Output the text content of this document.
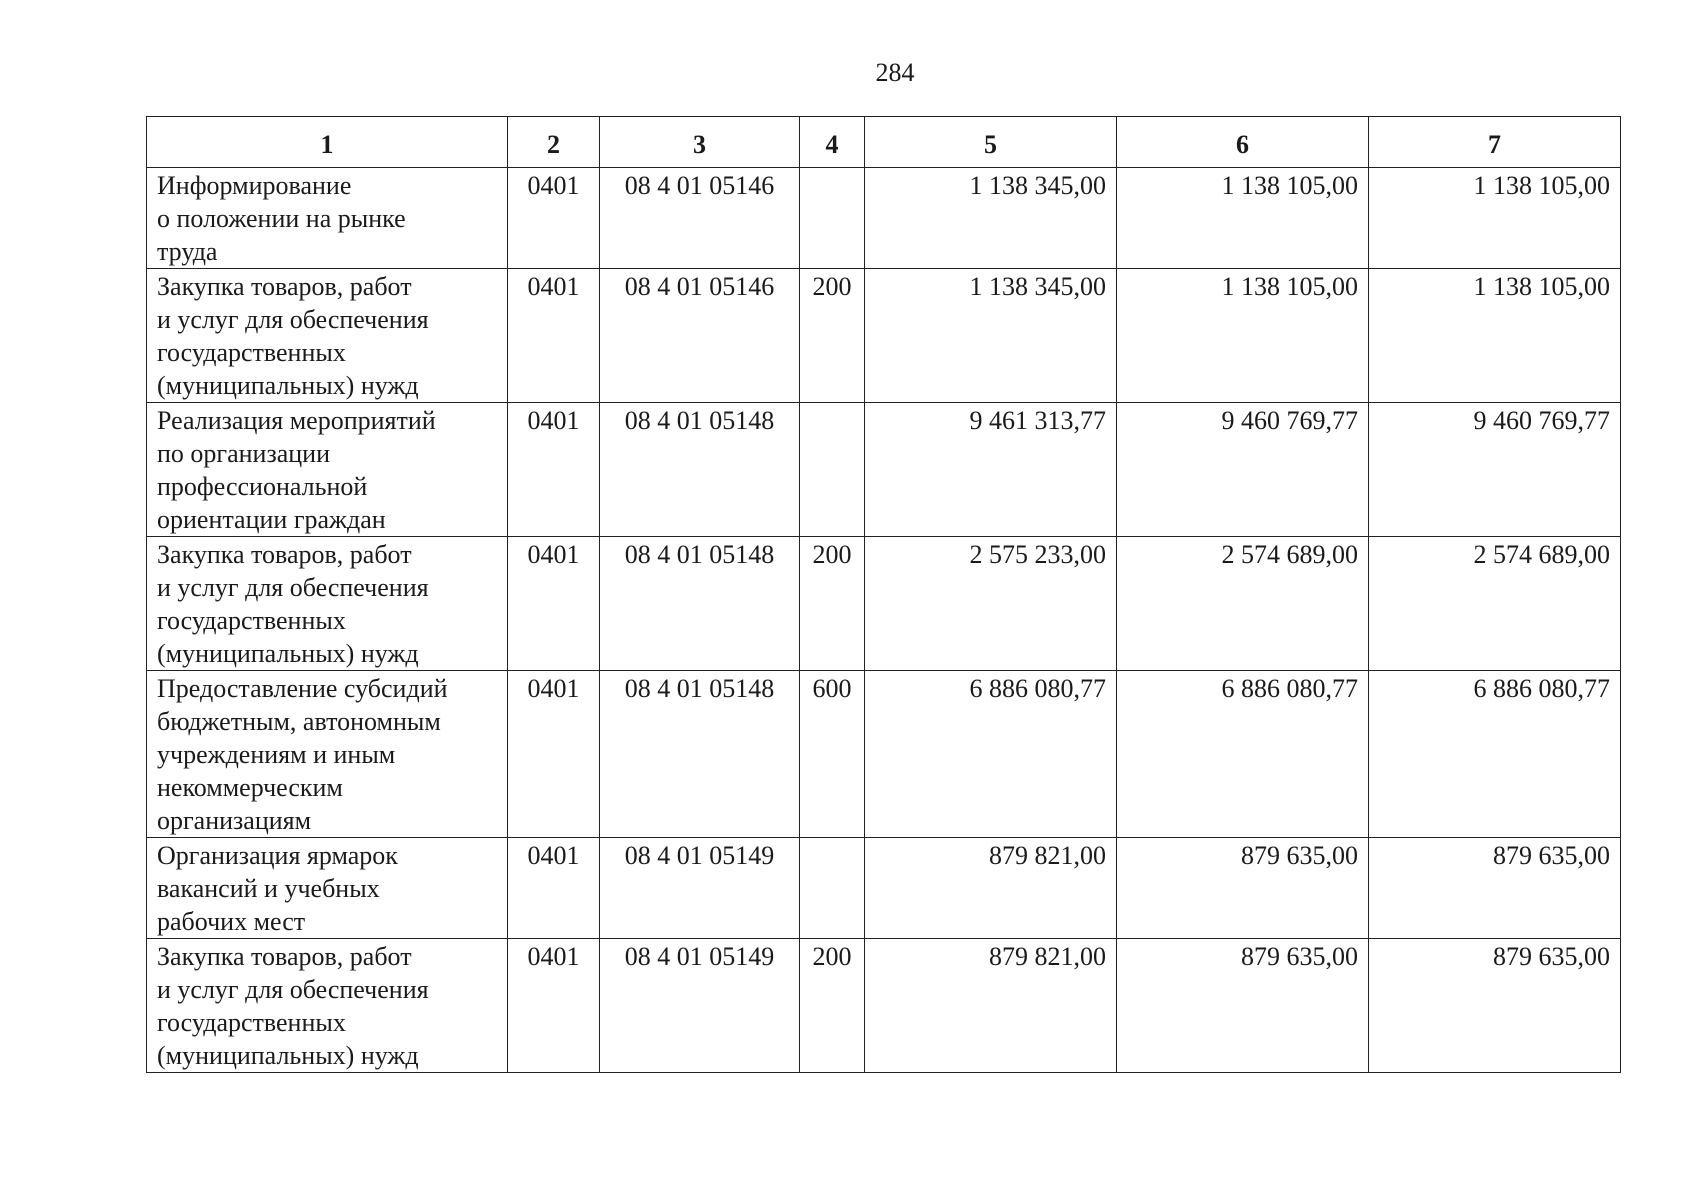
284
1	2	3	4	5	6	7

Информирование
о положении на рынке
труда	0401	08 4 01 05146		1 138 345,00	1 138 105,00	1 138 105,00

Закупка товаров, работ
и услуг для обеспечения
государственных
(муниципальных) нужд	0401	08 4 01 05146	200	1 138 345,00	1 138 105,00	1 138 105,00

Реализация мероприятий
по организации
профессиональной
ориентации граждан	0401	08 4 01 05148		9 461 313,77	9 460 769,77	9 460 769,77

Закупка товаров, работ
и услуг для обеспечения
государственных
(муниципальных) нужд	0401	08 4 01 05148	200	2 575 233,00	2 574 689,00	2 574 689,00

Предоставление субсидий
бюджетным, автономным
учреждениям и иным
некоммерческим
организациям	0401	08 4 01 05148	600	6 886 080,77	6 886 080,77	6 886 080,77

Организация ярмарок
вакансий и учебных
рабочих мест	0401	08 4 01 05149		879 821,00	879 635,00	879 635,00

Закупка товаров, работ
и услуг для обеспечения
государственных
(муниципальных) нужд	0401	08 4 01 05149	200	879 821,00	879 635,00	879 635,00
